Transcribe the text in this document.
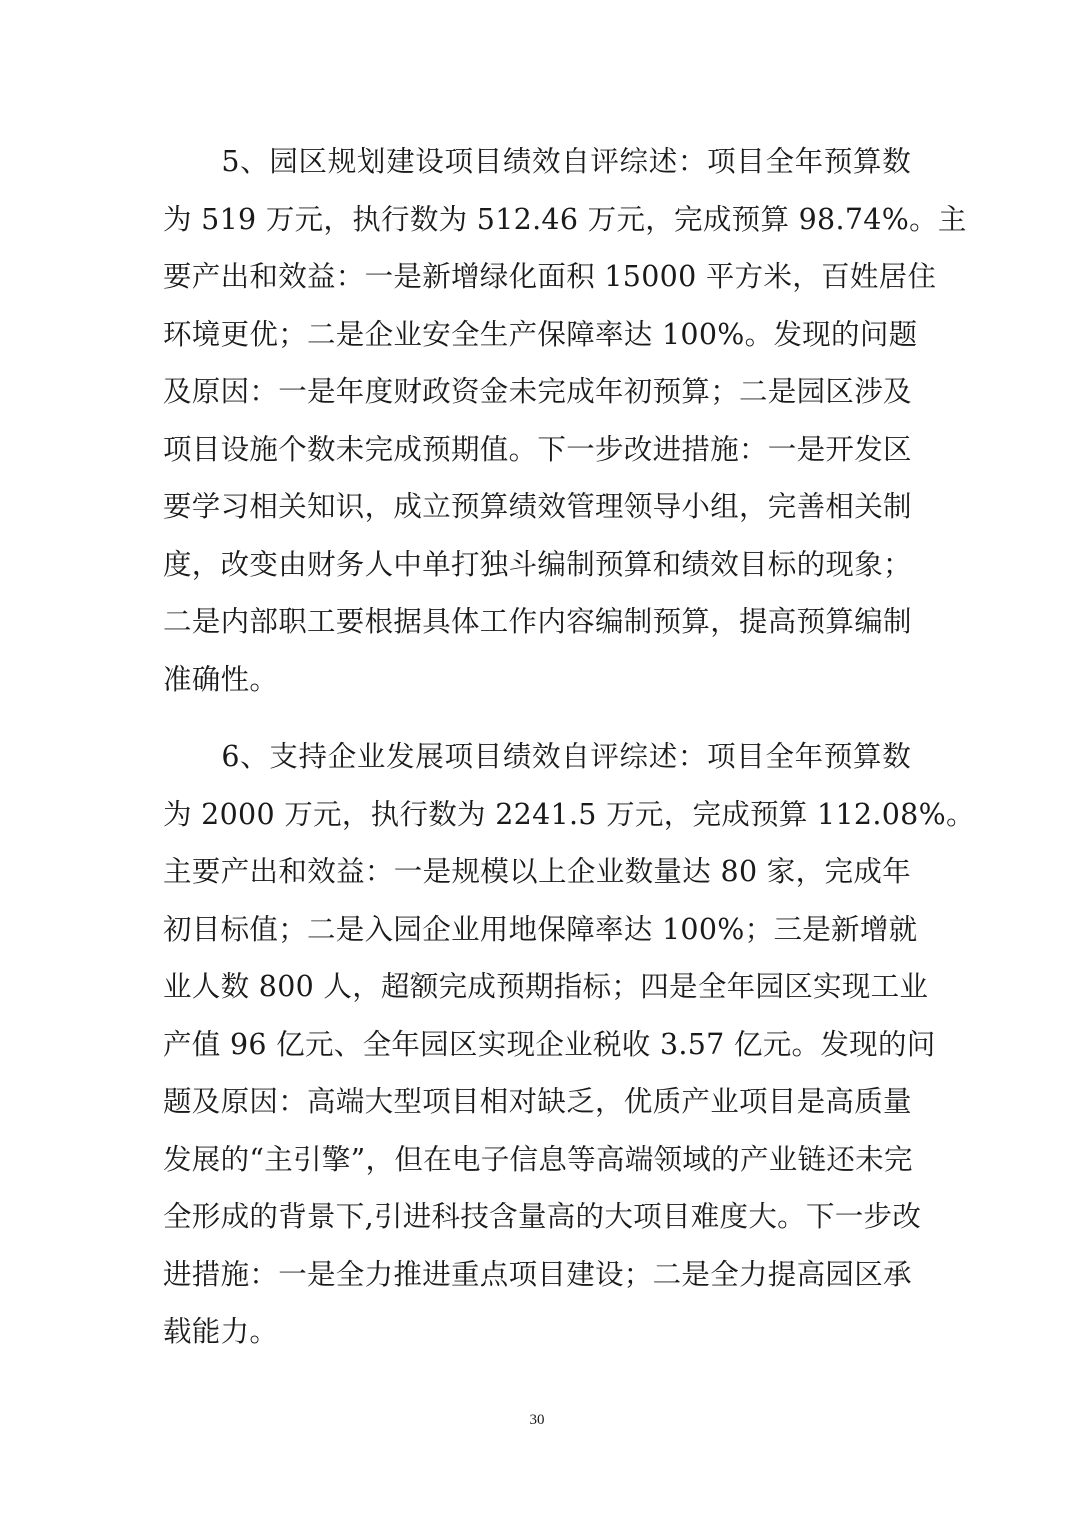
　　5、园区规划建设项目绩效自评综述：项目全年预算数
为 519 万元，执行数为 512.46 万元，完成预算 98.74%。主
要产出和效益：一是新增绿化面积 15000 平方米，百姓居住
环境更优；二是企业安全生产保障率达 100%。发现的问题
及原因：一是年度财政资金未完成年初预算；二是园区涉及
项目设施个数未完成预期值。下一步改进措施：一是开发区
要学习相关知识，成立预算绩效管理领导小组，完善相关制
度，改变由财务人中单打独斗编制预算和绩效目标的现象；
二是内部职工要根据具体工作内容编制预算，提高预算编制
准确性。
　　6、支持企业发展项目绩效自评综述：项目全年预算数
为 2000 万元，执行数为 2241.5 万元，完成预算 112.08%。
主要产出和效益：一是规模以上企业数量达 80 家，完成年
初目标值；二是入园企业用地保障率达 100%；三是新增就
业人数 800 人，超额完成预期指标；四是全年园区实现工业
产值 96 亿元、全年园区实现企业税收 3.57 亿元。发现的问
题及原因：高端大型项目相对缺乏，优质产业项目是高质量
发展的“主引擎”，但在电子信息等高端领域的产业链还未完
全形成的背景下,引进科技含量高的大项目难度大。下一步改
进措施：一是全力推进重点项目建设；二是全力提高园区承
载能力。
30
